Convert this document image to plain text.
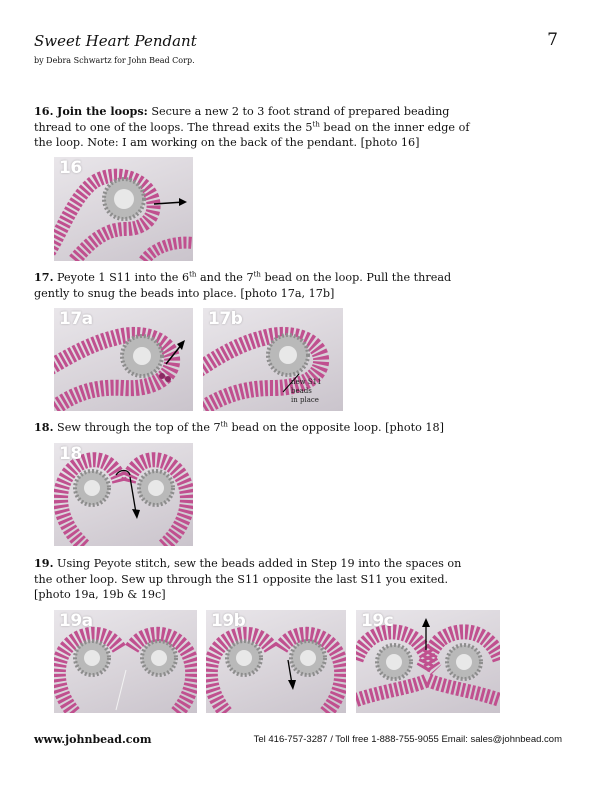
Sweet Heart Pendant
by Debra Schwartz for John Bead Corp.
7
16. Join the loops: Secure a new 2 to 3 foot strand of prepared beading thread to one of the loops. The thread exits the 5th bead on the inner edge of the loop. Note: I am working on the back of the pendant. [photo 16]
16
17. Peyote 1 S11 into the 6th and the 7th bead on the loop. Pull the thread gently to snug the beads into place. [photo 17a, 17b]
17a	17b
new S11 beads
in place
18. Sew through the top of the 7th bead on the opposite loop. [photo 18]
18
19. Using Peyote stitch, sew the beads added in Step 19 into the spaces on the other loop. Sew up through the S11 opposite the last S11 you exited.[photo 19a, 19b & 19c]
19a	19b	19c
www.johnbead.com	Tel 416-757-3287 / Toll free 1-888-755-9055 Email: sales@johnbead.com
